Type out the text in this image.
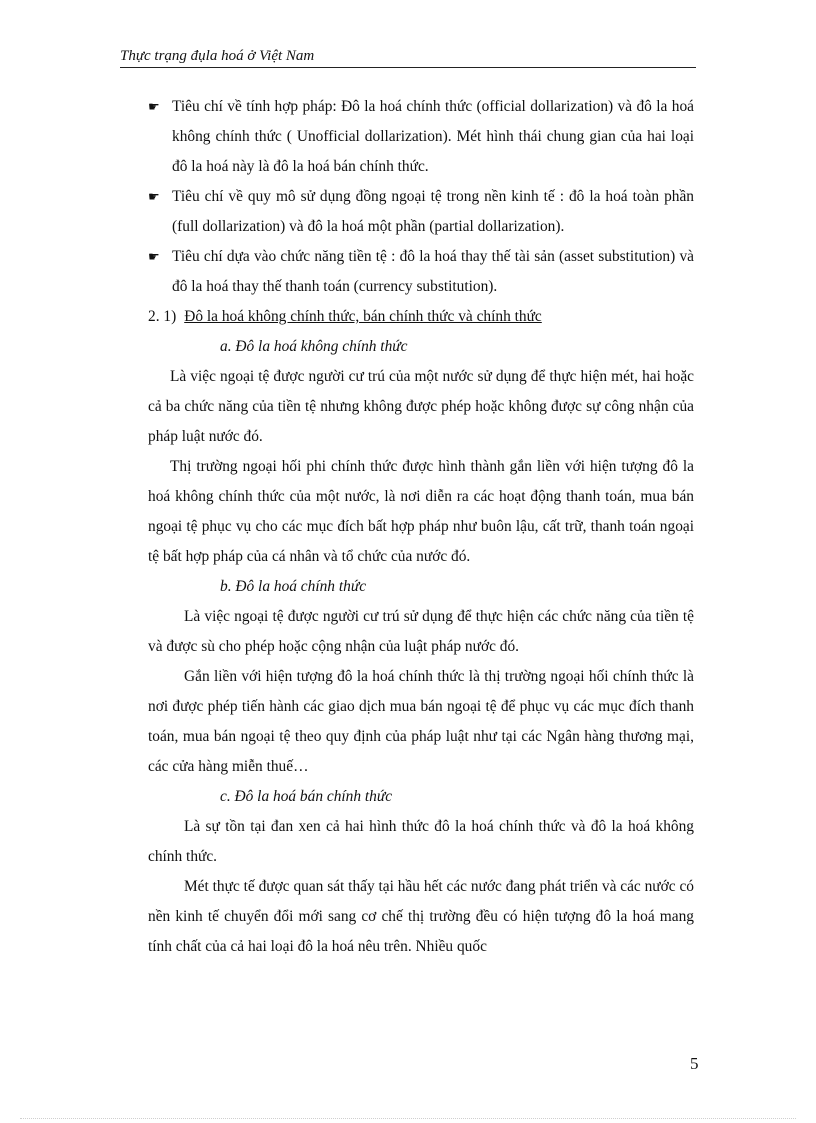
Thực trạng đụla hoá ở Việt Nam
☛ Tiêu chí về tính hợp pháp: Đô la hoá chính thức (official dollarization) và đô la hoá không chính thức ( Unofficial dollarization). Mét hình thái chung gian của hai loại đô la hoá này là đô la hoá bán chính thức.
☛ Tiêu chí về quy mô sử dụng đồng ngoại tệ trong nền kinh tế : đô la hoá toàn phần (full dollarization) và đô la hoá một phần (partial dollarization).
☛ Tiêu chí dựa vào chức năng tiền tệ : đô la hoá thay thế tài sản (asset substitution) và đô la hoá thay thế thanh toán (currency substitution).
2. 1) Đô la hoá không chính thức, bán chính thức và chính thức
a. Đô la hoá không chính thức

Là việc ngoại tệ được người cư trú của một nước sử dụng để thực hiện mét, hai hoặc cả ba chức năng của tiền tệ nhưng không được phép hoặc không được sự công nhận của pháp luật nước đó.

Thị trường ngoại hối phi chính thức được hình thành gắn liền với hiện tượng đô la hoá không chính thức của một nước, là nơi diễn ra các hoạt động thanh toán, mua bán ngoại tệ phục vụ cho các mục đích bất hợp pháp như buôn lậu, cất trữ, thanh toán ngoại tệ bất hợp pháp của cá nhân và tổ chức của nước đó.

b. Đô la hoá chính thức

Là việc ngoại tệ được người cư trú sử dụng để thực hiện các chức năng của tiền tệ và được sù cho phép hoặc cộng nhận của luật pháp nước đó.

Gắn liền với hiện tượng đô la hoá chính thức là thị trường ngoại hối chính thức là nơi được phép tiến hành các giao dịch mua bán ngoại tệ để phục vụ các mục đích thanh toán, mua bán ngoại tệ theo quy định của pháp luật như tại các Ngân hàng thương mại, các cửa hàng miễn thuế…

c. Đô la hoá bán chính thức

Là sự tồn tại đan xen cả hai hình thức đô la hoá chính thức và đô la hoá không chính thức.

Mét thực tế được quan sát thấy tại hầu hết các nước đang phát triển và các nước có nền kinh tế chuyển đổi mới sang cơ chế thị trường đều có hiện tượng đô la hoá mang tính chất của cả hai loại đô la hoá nêu trên. Nhiều quốc

5
